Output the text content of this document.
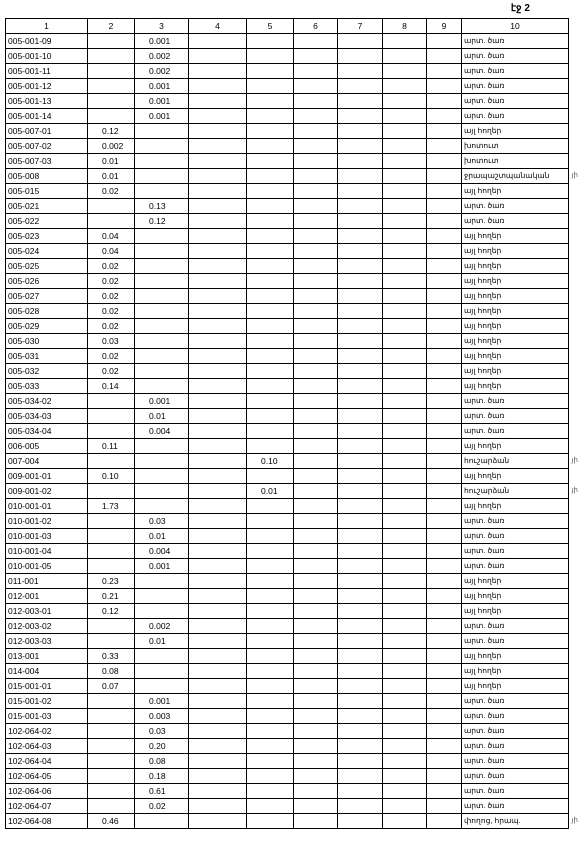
էջ 2
1	2	3	4	5	6	7	8	9	10
005-001-09		0.001							արտ. ծառ
005-001-10		0.002							արտ. ծառ
005-001-11		0.002							արտ. ծառ
005-001-12		0.001							արտ. ծառ
005-001-13		0.001							արտ. ծառ
005-001-14		0.001							արտ. ծառ
005-007-01	0.12								այլ հողեր
005-007-02	0.002								խոտուտ
005-007-03	0.01								խոտուտ
005-008	0.01								ջրապաշտպանական
005-015	0.02								այլ հողեր
005-021		0.13							արտ. ծառ
005-022		0.12							արտ. ծառ
005-023	0.04								այլ հողեր
005-024	0.04								այլ հողեր
005-025	0.02								այլ հողեր
005-026	0.02								այլ հողեր
005-027	0.02								այլ հողեր
005-028	0.02								այլ հողեր
005-029	0.02								այլ հողեր
005-030	0.03								այլ հողեր
005-031	0.02								այլ հողեր
005-032	0.02								այլ հողեր
005-033	0.14								այլ հողեր
005-034-02		0.001							արտ. ծառ
005-034-03		0.01							արտ. ծառ
005-034-04		0.004							արտ. ծառ
006-005	0.11								այլ հողեր
007-004				0.10					հուշարձան
009-001-01	0.10								այլ հողեր
009-001-02				0.01					հուշարձան
010-001-01	1.73								այլ հողեր
010-001-02		0.03							արտ. ծառ
010-001-03		0.01							արտ. ծառ
010-001-04		0.004							արտ. ծառ
010-001-05		0.001							արտ. ծառ
011-001	0.23								այլ հողեր
012-001	0.21								այլ հողեր
012-003-01	0.12								այլ հողեր
012-003-02		0.002							արտ. ծառ
012-003-03		0.01							արտ. ծառ
013-001	0.33								այլ հողեր
014-004	0.08								այլ հողեր
015-001-01	0.07								այլ հողեր
015-001-02		0.001							արտ. ծառ
015-001-03		0.003							արտ. ծառ
102-064-02		0.03							արտ. ծառ
102-064-03		0.20							արտ. ծառ
102-064-04		0.08							արտ. ծառ
102-064-05		0.18							արտ. ծառ
102-064-06		0.61							արտ. ծառ
102-064-07		0.02							արտ. ծառ
102-064-08	0.46								փողոց, հրապ.
յի
յի
յի
յի
